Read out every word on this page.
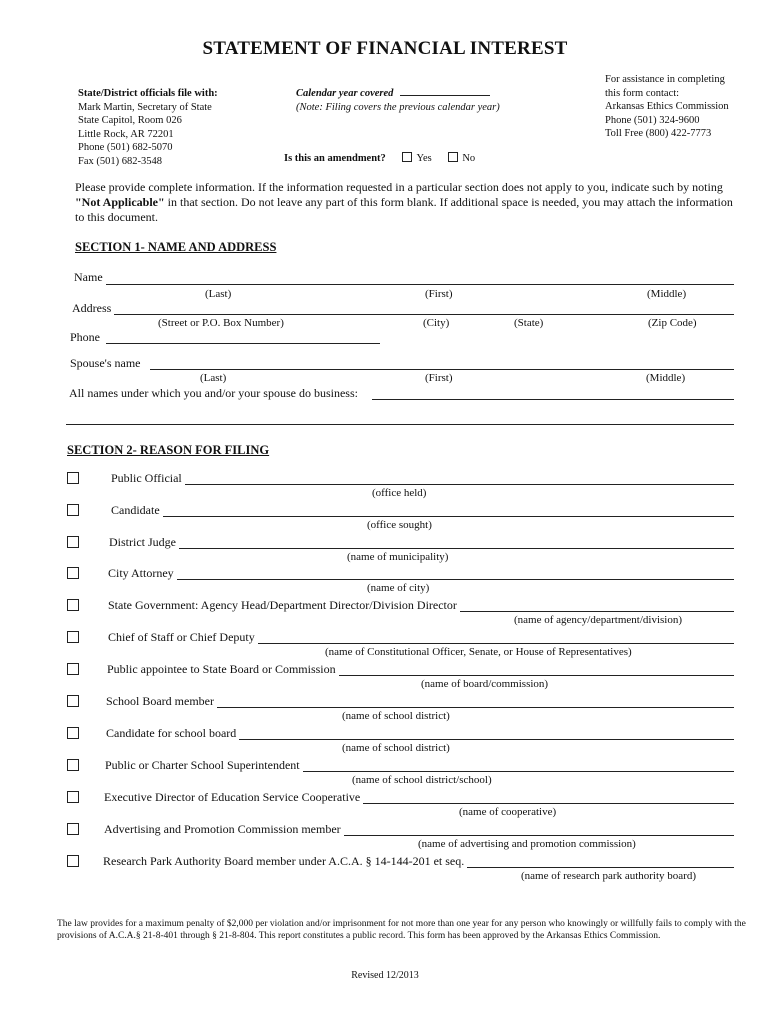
STATEMENT OF FINANCIAL INTEREST
State/District officials file with:
Mark Martin, Secretary of State
State Capitol, Room 026
Little Rock, AR 72201
Phone (501) 682-5070
Fax (501) 682-3548
Calendar year covered
(Note: Filing covers the previous calendar year)
Is this an amendment?	Yes	No
For assistance in completing
this form contact:
Arkansas Ethics Commission
Phone (501) 324-9600
Toll Free (800) 422-7773
Please provide complete information. If the information requested in a particular section does not apply to you, indicate such by noting "Not Applicable" in that section. Do not leave any part of this form blank. If additional space is needed, you may attach the information to this document.
SECTION 1- NAME AND ADDRESS
Name
(Last)	(First)	(Middle)
Address
(Street or P.O. Box Number)	(City)	(State)	(Zip Code)
Phone
Spouse's name
(Last)	(First)	(Middle)
All names under which you and/or your spouse do business:
SECTION 2- REASON FOR FILING
Public Official
(office held)
Candidate
(office sought)
District Judge
(name of municipality)
City Attorney
(name of city)
State Government: Agency Head/Department Director/Division Director
(name of agency/department/division)
Chief of Staff or Chief Deputy
(name of Constitutional Officer, Senate, or House of Representatives)
Public appointee to State Board or Commission
(name of board/commission)
School Board member
(name of school district)
Candidate for school board
(name of school district)
Public or Charter School Superintendent
(name of school district/school)
Executive Director of Education Service Cooperative
(name of cooperative)
Advertising and Promotion Commission member
(name of advertising and promotion commission)
Research Park Authority Board member under A.C.A. § 14-144-201 et seq.
(name of research park authority board)
The law provides for a maximum penalty of $2,000 per violation and/or imprisonment for not more than one year for any person who knowingly or willfully fails to comply with the provisions of A.C.A.§ 21-8-401 through § 21-8-804. This report constitutes a public record. This form has been approved by the Arkansas Ethics Commission.
Revised 12/2013
